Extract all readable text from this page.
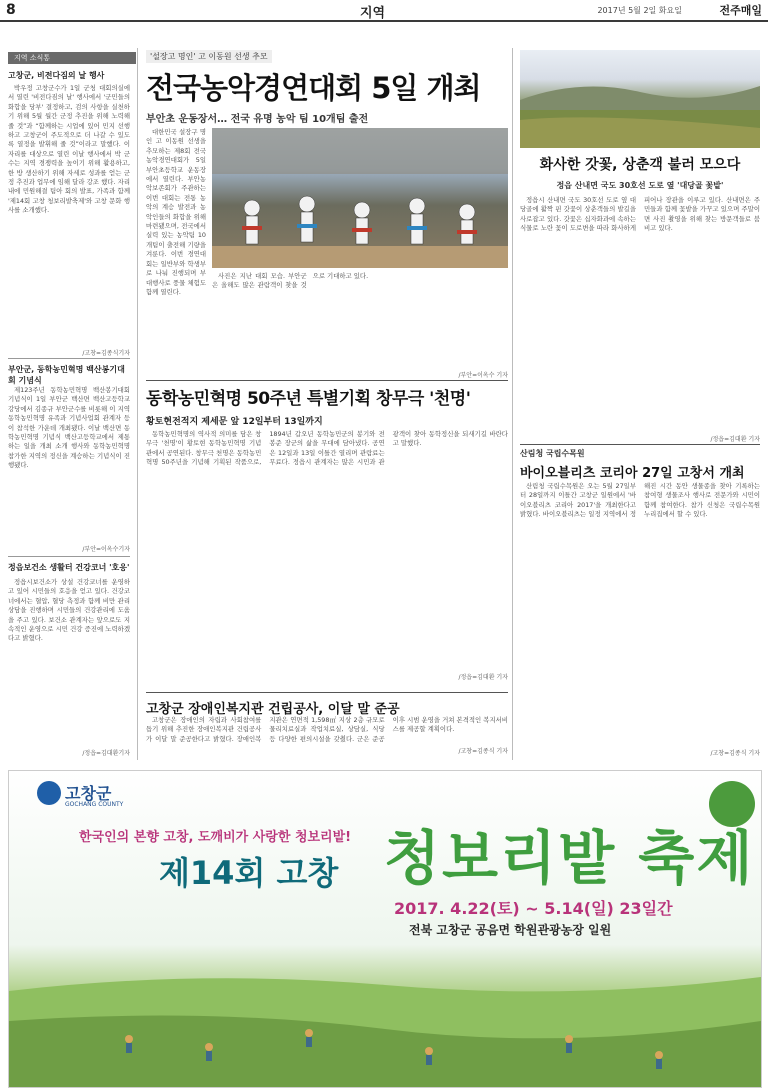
8	지역	2017년 5월 2일 화요일	전주매일
지역 소식통
고창군, 비전다짐의 날 행사

박우정 고창군수가 1일 군청 대회의실에서 열린 '비전다짐의 날' 행사에서 '군민들의 화합을 당부' 결정하고, 검의 사항을 실천하기 위해 5월 월간 군정 추진을 위해 노력해 줄 것”과 “함께하는 시업에 있어 민지 선행하고 고창군이 주도적으로 더 나갈 수 있도록 열정을 발휘해 줄 것”이라고 말했다. 이 자리를 대상으로 열린 이날 행사에서 박 군수는 지역 경쟁력을 높이기 위해 활용하고, 한 방 생산하기 위해 자세로 성과를 얻는 군정 추진과 업무에 임해 달라 강조 했다. 자리 내에 민원해결 팀아 회의 발표, 가족과 함께 '제14회 고창 청보리밭축제'와 고창 문화 행사를 소개했다.

/고창=김종식기자
부안군, 동학농민혁명 백산봉기대회 기념식

제123주년 동학농민혁명 백산봉기대회 기념식이 1일 부안군 백산면 백산고등학교 강당에서 김종규 부안군수를 비롯해 이 지역 동학농민혁명 유족과 기념사업회 관계자 등이 참석한 가운데 개최됐다. 이날 백산면 동학농민혁명 기념식 백산고등학교에서 제통하는 일을 개최 소개 행사와 동학농민혁명 참가한 지역의 정신을 계승하는 기념식이 진행됐다.

/부안=이옥수기자
정읍보건소 생활터 건강코너 '호응'

정읍시보건소가 상설 건강코너를 운영하고 있어 시민들의 호응을 얻고 있다. 건강코너에서는 혈압, 혈당 측정과 함께 비만 관리 상담을 진행하며 시민들의 건강관리에 도움을 주고 있다. 보건소 관계자는 앞으로도 지속적인 운영으로 시민 건강 증진에 노력하겠다고 밝혔다.

/정읍=김대환기자
'설장고 명인' 고 이동원 선생 추모
전국농악경연대회 5일 개최
부안초 운동장서… 전국 유명 농악 팀 10개팀 출전

대한민국 설장구 명인 고 이동원 선생을 추모하는 제8회 전국농악경연대회가 5일 부안초등학교 운동장에서 열린다. 부안농악보존회가 주관하는 이번 대회는 전통 농악의 계승 발전과 농악인들의 화합을 위해 마련됐으며, 전국에서 실력 있는 농악팀 10개팀이 출전해 기량을 겨룬다. 이번 경연대회는 일반부와 학생부로 나눠 진행되며 부대행사로 풍물 체험도 함께 열린다.

사진은 지난 대회 모습. 부안군은 올해도 많은 관람객이 찾을 것으로 기대하고 있다.

/부안=이옥수 기자
동학농민혁명 50주년 특별기획 창무극 '천명'
황토현전적지 제세문 앞 12일부터 13일까지

동학농민혁명의 역사적 의미를 담은 창무극 '천명'이 황토현 동학농민혁명 기념관에서 공연된다. 창무극 천명은 동학농민혁명 50주년을 기념해 기획된 작품으로, 1894년 갑오년 동학농민군의 봉기와 전봉준 장군의 삶을 무대에 담아냈다. 공연은 12일과 13일 이틀간 열리며 관람료는 무료다. 정읍시 관계자는 많은 시민과 관광객이 찾아 동학정신을 되새기길 바란다고 말했다.

/정읍=김대환 기자
고창군 장애인복지관 건립공사, 이달 말 준공

고창군은 장애인의 자립과 사회참여를 돕기 위해 추진한 장애인복지관 건립공사가 이달 말 준공한다고 밝혔다. 장애인복지관은 연면적 1,598㎡ 지상 2층 규모로 물리치료실과 작업치료실, 상담실, 식당 등 다양한 편의시설을 갖췄다. 군은 준공 이후 시범 운영을 거쳐 본격적인 복지서비스를 제공할 계획이다.

/고창=김종식 기자
화사한 갓꽃, 상춘객 불러 모으다
정읍 산내면 국도 30호선 도로 옆 '대당골 꽃밭'

정읍시 산내면 국도 30호선 도로 옆 대당골에 활짝 핀 갓꽃이 상춘객들의 발길을 사로잡고 있다. 갓꽃은 십자화과에 속하는 식물로 노란 꽃이 도로변을 따라 화사하게 피어나 장관을 이루고 있다. 산내면은 주민들과 함께 꽃밭을 가꾸고 있으며 주말이면 사진 촬영을 위해 찾는 방문객들로 붐비고 있다.

/정읍=김대환 기자
산림청 국립수목원
바이오블리츠 코리아 27일 고창서 개최

산림청 국립수목원은 오는 5월 27일부터 28일까지 이틀간 고창군 일원에서 '바이오블리츠 코리아 2017'을 개최한다고 밝혔다. 바이오블리츠는 일정 지역에서 정해진 시간 동안 생물종을 찾아 기록하는 참여형 생물조사 행사로 전문가와 시민이 함께 참여한다. 참가 신청은 국립수목원 누리집에서 할 수 있다.

/고창=김종식 기자
고창군
GOCHANG COUNTY
한국인의 본향 고창, 도깨비가 사랑한 청보리밭!
제14회 고창 청보리밭 축제
2017. 4.22(토) ~ 5.14(일) 23일간
전북 고창군 공음면 학원관광농장 일원
